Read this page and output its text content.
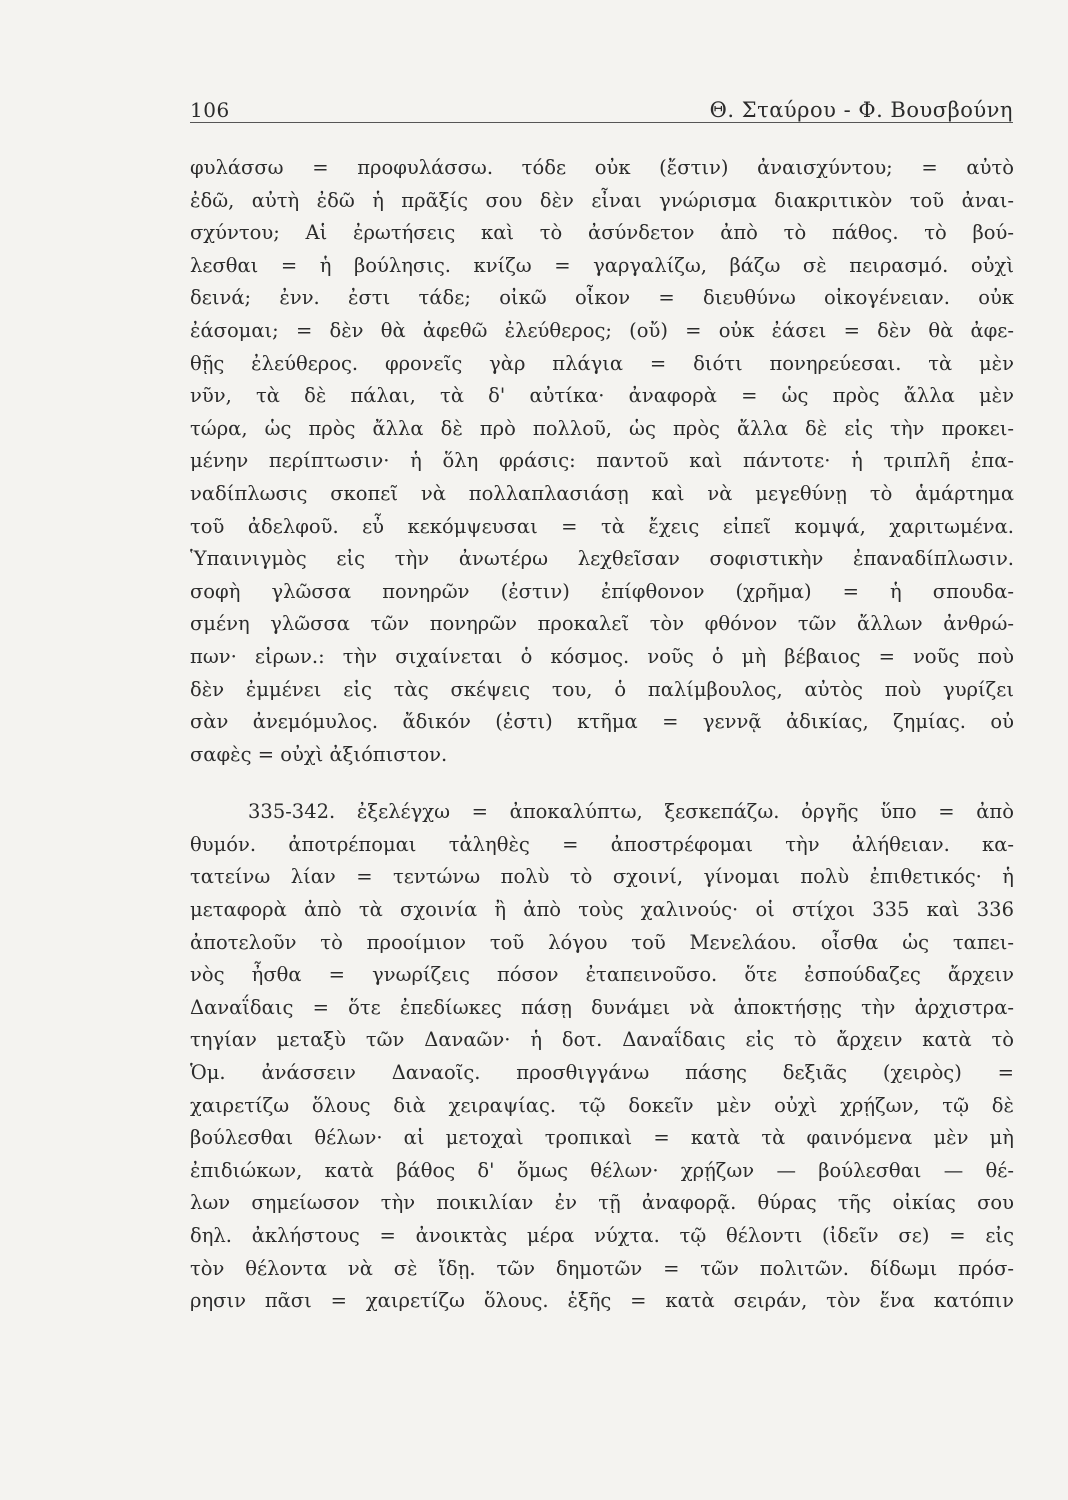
106	Θ. Σταύρου - Φ. Βουσβούνη
φυλάσσω = προφυλάσσω. τόδε οὐκ (ἔστιν) ἀναισχύντου; = αὐτὸ
ἐδῶ, αὐτὴ ἐδῶ ἡ πρᾶξίς σου δὲν εἶναι γνώρισμα διακριτικὸν τοῦ ἀναι-
σχύντου; Αἱ ἐρωτήσεις καὶ τὸ ἀσύνδετον ἀπὸ τὸ πάθος. τὸ βού-
λεσθαι = ἡ βούλησις. κνίζω = γαργαλίζω, βάζω σὲ πειρασμό. οὐχὶ
δεινά; ἐνν. ἐστι τάδε; οἰκῶ οἶκον = διευθύνω οἰκογένειαν. οὐκ
ἐάσομαι; = δὲν θὰ ἀφεθῶ ἐλεύθερος; (οὔ) = οὐκ ἐάσει = δὲν θὰ ἀφε-
θῇς ἐλεύθερος. φρονεῖς γὰρ πλάγια = διότι πονηρεύεσαι. τὰ μὲν
νῦν, τὰ δὲ πάλαι, τὰ δ' αὐτίκα· ἀναφορὰ = ὡς πρὸς ἄλλα μὲν
τώρα, ὡς πρὸς ἄλλα δὲ πρὸ πολλοῦ, ὡς πρὸς ἄλλα δὲ εἰς τὴν προκει-
μένην περίπτωσιν· ἡ ὅλη φράσις: παντοῦ καὶ πάντοτε· ἡ τριπλῆ ἐπα-
ναδίπλωσις σκοπεῖ νὰ πολλαπλασιάσῃ καὶ νὰ μεγεθύνῃ τὸ ἁμάρτημα
τοῦ ἀδελφοῦ. εὖ κεκόμψευσαι = τὰ ἔχεις εἰπεῖ κομψά, χαριτωμένα.
Ὑπαινιγμὸς εἰς τὴν ἀνωτέρω λεχθεῖσαν σοφιστικὴν ἐπαναδίπλωσιν.
σοφὴ γλῶσσα πονηρῶν (ἐστιν) ἐπίφθονον (χρῆμα) = ἡ σπουδα-
σμένη γλῶσσα τῶν πονηρῶν προκαλεῖ τὸν φθόνον τῶν ἄλλων ἀνθρώ-
πων· εἰρων.: τὴν σιχαίνεται ὁ κόσμος. νοῦς ὁ μὴ βέβαιος = νοῦς ποὺ
δὲν ἐμμένει εἰς τὰς σκέψεις του, ὁ παλίμβουλος, αὐτὸς ποὺ γυρίζει
σὰν ἀνεμόμυλος. ἄδικόν (ἐστι) κτῆμα = γεννᾷ ἀδικίας, ζημίας. οὐ
σαφὲς = οὐχὶ ἀξιόπιστον.
335-342. ἐξελέγχω = ἀποκαλύπτω, ξεσκεπάζω. ὀργῆς ὕπο = ἀπὸ
θυμόν. ἀποτρέπομαι τἀληθὲς = ἀποστρέφομαι τὴν ἀλήθειαν. κα-
τατείνω λίαν = τεντώνω πολὺ τὸ σχοινί, γίνομαι πολὺ ἐπιθετικός· ἡ
μεταφορὰ ἀπὸ τὰ σχοινία ἢ ἀπὸ τοὺς χαλινούς· οἱ στίχοι 335 καὶ 336
ἀποτελοῦν τὸ προοίμιον τοῦ λόγου τοῦ Μενελάου. οἶσθα ὡς ταπει-
νὸς ἦσθα = γνωρίζεις πόσον ἐταπεινοῦσο. ὅτε ἐσπούδαζες ἄρχειν
Δαναΐδαις = ὅτε ἐπεδίωκες πάσῃ δυνάμει νὰ ἀποκτήσῃς τὴν ἀρχιστρα-
τηγίαν μεταξὺ τῶν Δαναῶν· ἡ δοτ. Δαναΐδαις εἰς τὸ ἄρχειν κατὰ τὸ
Ὁμ. ἀνάσσειν Δαναοῖς. προσθιγγάνω πάσης δεξιᾶς (χειρὸς) =
χαιρετίζω ὅλους διὰ χειραψίας. τῷ δοκεῖν μὲν οὐχὶ χρῄζων, τῷ δὲ
βούλεσθαι θέλων· αἱ μετοχαὶ τροπικαὶ = κατὰ τὰ φαινόμενα μὲν μὴ
ἐπιδιώκων, κατὰ βάθος δ' ὅμως θέλων· χρῄζων — βούλεσθαι — θέ-
λων σημείωσον τὴν ποικιλίαν ἐν τῇ ἀναφορᾷ. θύρας τῆς οἰκίας σου
δηλ. ἀκλήστους = ἀνοικτὰς μέρα νύχτα. τῷ θέλοντι (ἰδεῖν σε) = εἰς
τὸν θέλοντα νὰ σὲ ἴδῃ. τῶν δημοτῶν = τῶν πολιτῶν. δίδωμι πρόσ-
ρησιν πᾶσι = χαιρετίζω ὅλους. ἑξῆς = κατὰ σειράν, τὸν ἕνα κατόπιν
